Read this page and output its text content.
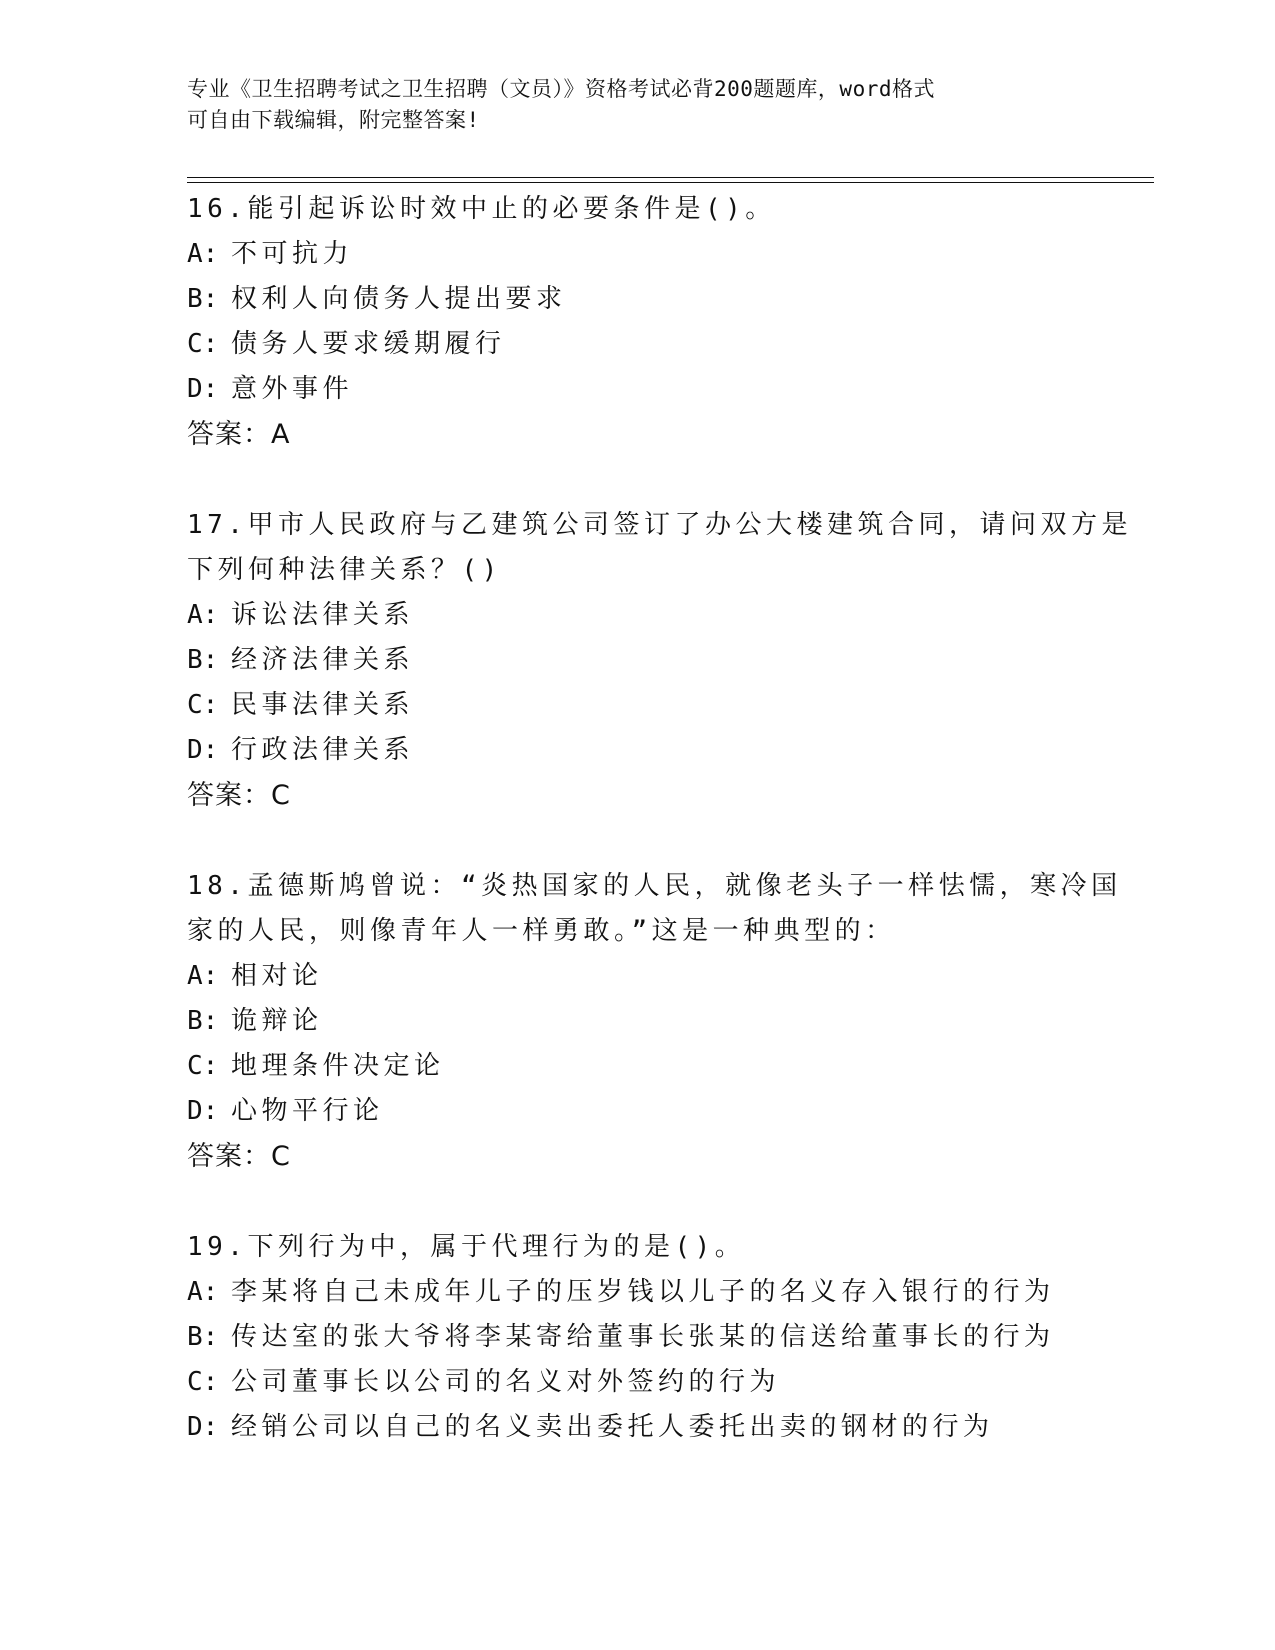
专业《卫生招聘考试之卫生招聘（文员）》资格考试必背200题题库，word格式
可自由下载编辑，附完整答案!
16.能引起诉讼时效中止的必要条件是()。
A: 不可抗力
B: 权利人向债务人提出要求
C: 债务人要求缓期履行
D: 意外事件
答案：A
17.甲市人民政府与乙建筑公司签订了办公大楼建筑合同，请问双方是
下列何种法律关系？()
A: 诉讼法律关系
B: 经济法律关系
C: 民事法律关系
D: 行政法律关系
答案：C
18.孟德斯鸠曾说：“炎热国家的人民，就像老头子一样怯懦，寒冷国
家的人民，则像青年人一样勇敢。”这是一种典型的：
A: 相对论
B: 诡辩论
C: 地理条件决定论
D: 心物平行论
答案：C
19.下列行为中，属于代理行为的是()。
A: 李某将自己未成年儿子的压岁钱以儿子的名义存入银行的行为
B: 传达室的张大爷将李某寄给董事长张某的信送给董事长的行为
C: 公司董事长以公司的名义对外签约的行为
D: 经销公司以自己的名义卖出委托人委托出卖的钢材的行为
